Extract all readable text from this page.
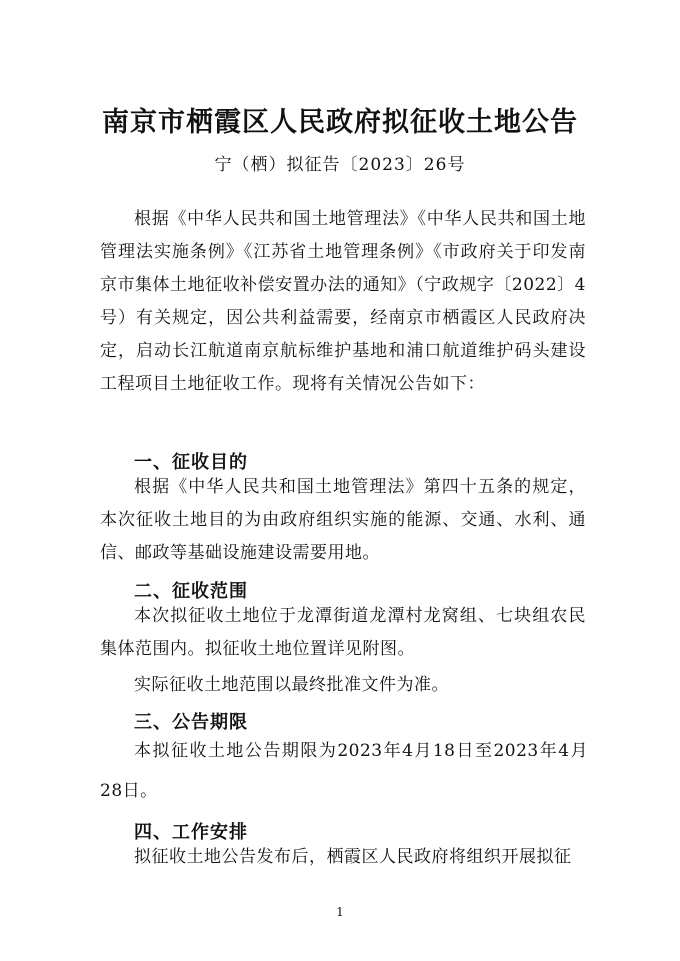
南京市栖霞区人民政府拟征收土地公告
宁（栖）拟征告〔2023〕26号
根据《中华人民共和国土地管理法》《中华人民共和国土地管理法实施条例》《江苏省土地管理条例》《市政府关于印发南京市集体土地征收补偿安置办法的通知》（宁政规字〔2022〕4号）有关规定，因公共利益需要，经南京市栖霞区人民政府决定，启动长江航道南京航标维护基地和浦口航道维护码头建设工程项目土地征收工作。现将有关情况公告如下：
一、征收目的
根据《中华人民共和国土地管理法》第四十五条的规定，本次征收土地目的为由政府组织实施的能源、交通、水利、通信、邮政等基础设施建设需要用地。
二、征收范围
本次拟征收土地位于龙潭街道龙潭村龙窝组、七块组农民集体范围内。拟征收土地位置详见附图。
实际征收土地范围以最终批准文件为准。
三、公告期限
本拟征收土地公告期限为2023年4月18日至2023年4月28日。
四、工作安排
拟征收土地公告发布后，栖霞区人民政府将组织开展拟征
1
